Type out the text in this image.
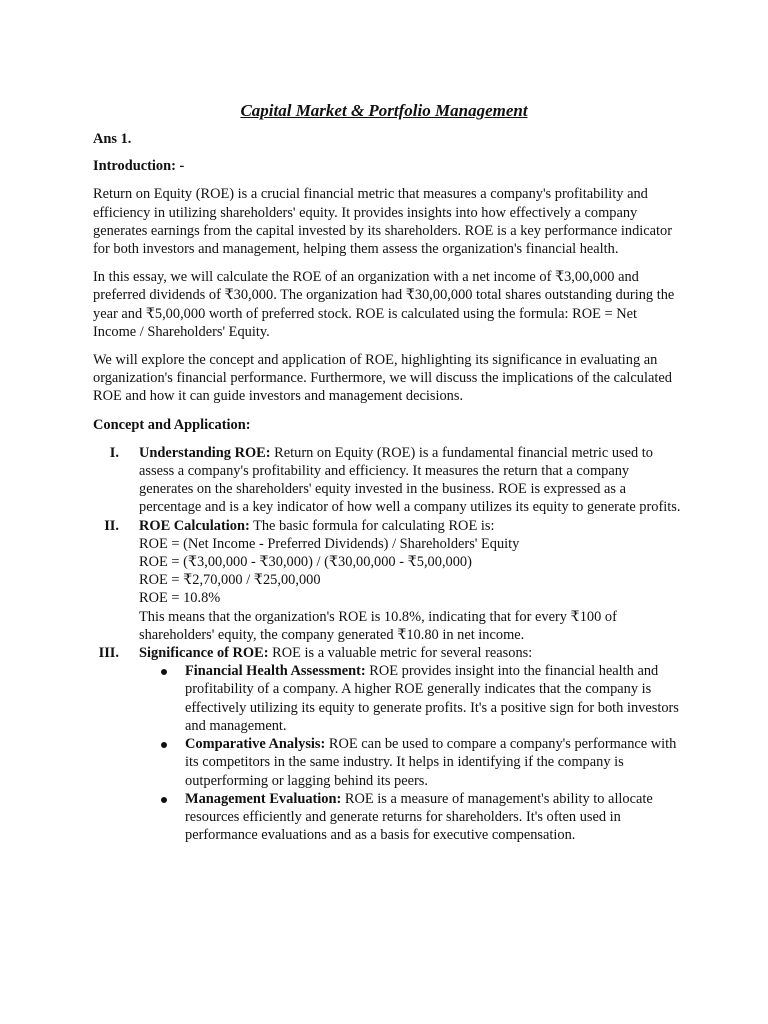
Capital Market & Portfolio Management
Ans 1.
Introduction: -

Return on Equity (ROE) is a crucial financial metric that measures a company's profitability and efficiency in utilizing shareholders' equity. It provides insights into how effectively a company generates earnings from the capital invested by its shareholders. ROE is a key performance indicator for both investors and management, helping them assess the organization's financial health.

In this essay, we will calculate the ROE of an organization with a net income of ₹3,00,000 and preferred dividends of ₹30,000. The organization had ₹30,00,000 total shares outstanding during the year and ₹5,00,000 worth of preferred stock. ROE is calculated using the formula: ROE = Net Income / Shareholders' Equity.

We will explore the concept and application of ROE, highlighting its significance in evaluating an organization's financial performance. Furthermore, we will discuss the implications of the calculated ROE and how it can guide investors and management decisions.

Concept and Application:
I. Understanding ROE: Return on Equity (ROE) is a fundamental financial metric used to assess a company's profitability and efficiency. It measures the return that a company generates on the shareholders' equity invested in the business. ROE is expressed as a percentage and is a key indicator of how well a company utilizes its equity to generate profits.
II. ROE Calculation: The basic formula for calculating ROE is:
ROE = (Net Income - Preferred Dividends) / Shareholders' Equity
ROE = (₹3,00,000 - ₹30,000) / (₹30,00,000 - ₹5,00,000)
ROE = ₹2,70,000 / ₹25,00,000
ROE = 10.8%
This means that the organization's ROE is 10.8%, indicating that for every ₹100 of shareholders' equity, the company generated ₹10.80 in net income.
III. Significance of ROE: ROE is a valuable metric for several reasons:
Financial Health Assessment: ROE provides insight into the financial health and profitability of a company. A higher ROE generally indicates that the company is effectively utilizing its equity to generate profits. It's a positive sign for both investors and management.
Comparative Analysis: ROE can be used to compare a company's performance with its competitors in the same industry. It helps in identifying if the company is outperforming or lagging behind its peers.
Management Evaluation: ROE is a measure of management's ability to allocate resources efficiently and generate returns for shareholders. It's often used in performance evaluations and as a basis for executive compensation.
